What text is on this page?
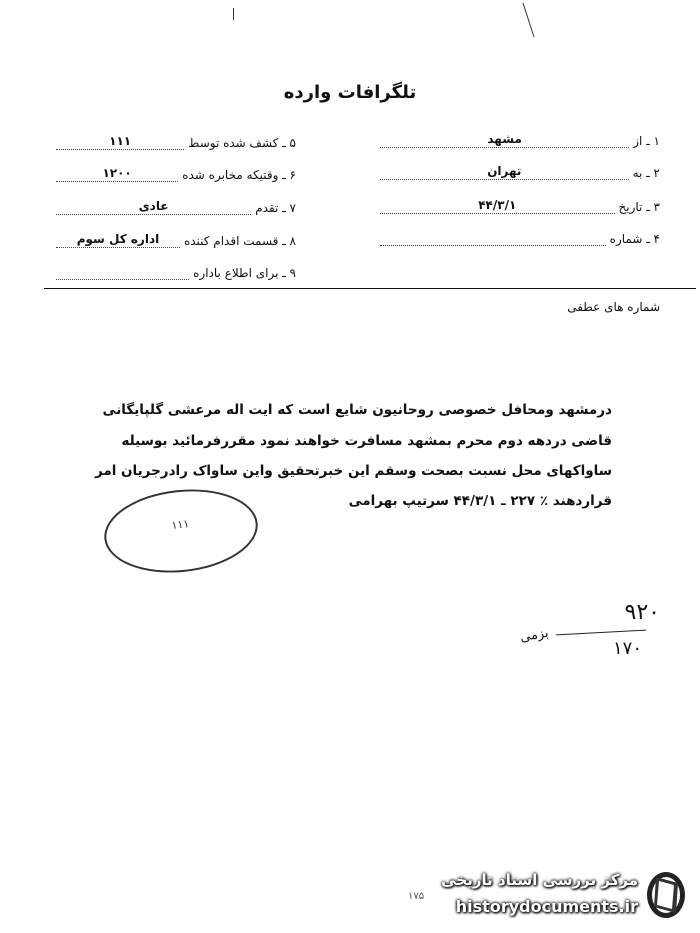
تلگرافات وارده
۱ ـ از
مشهد
۲ ـ به
تهران
۳ ـ تاریخ
۴۴/۳/۱
۴ ـ شماره
۵ ـ کشف شده توسط
۱۱۱
۶ ـ وقتیکه مخابره شده
۱۲۰۰
۷ ـ تقدم
عادی
۸ ـ قسمت اقدام کننده
اداره کل سوم
۹ ـ برای اطلاع باداره
شماره های عطفی
درمشهد ومحافل خصوصی روحانیون شایع است که ایت اله مرعشی گلپایگانی
قاضی دردهه دوم محرم بمشهد مسافرت خواهند نمود مقررفرمائید بوسیله
ساواکهای محل نسبت بصحت وسقم این خبرتحقیق واین ساواک رادرجریان امر
قراردهند ٪ ۲۲۷ ـ ۴۴/۳/۱ سرتیپ بهرامی
۱۱۱
۹۲۰
بزمی
۱۷۰
۱۷۵
مرکز بررسی اسناد تاریخی
historydocuments.ir
